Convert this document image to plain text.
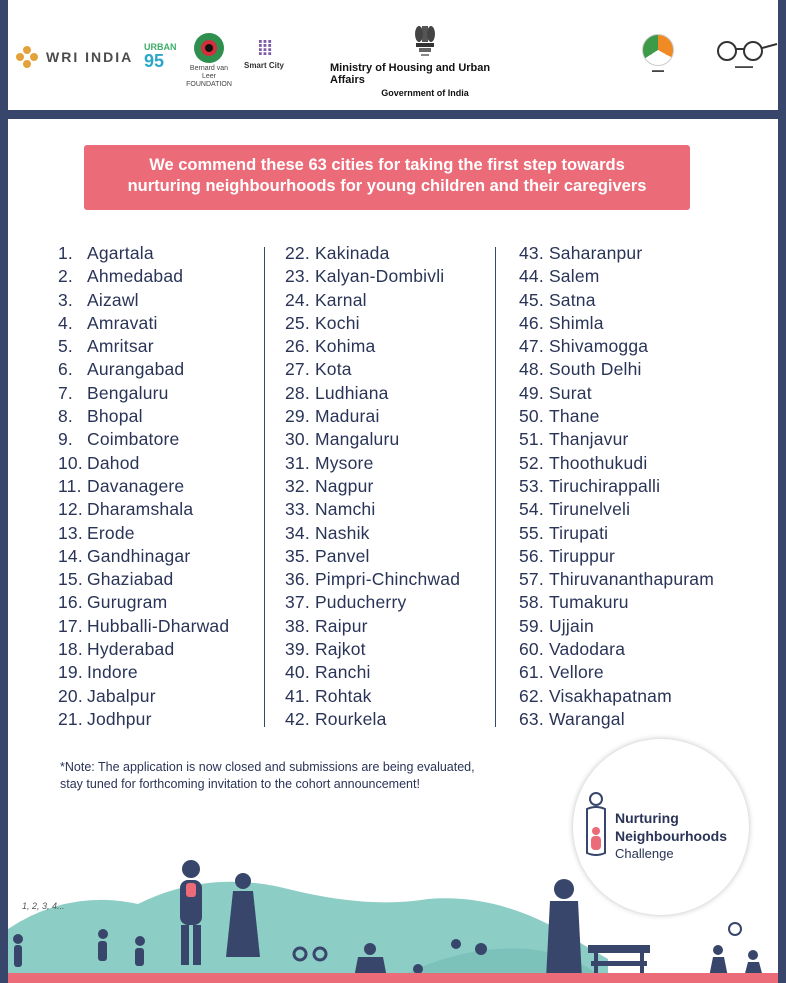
WRI INDIA
URBAN
95	Bernard van Leer FOUNDATION
⁞⁞⁞
Smart City	Ministry of Housing and Urban Affairs
Government of India
▬▬
▬▬▬
We commend these 63 cities for taking the first step towards
nurturing neighbourhoods for young children and their caregivers
1. Agartala
2. Ahmedabad
3. Aizawl
4. Amravati
5. Amritsar
6. Aurangabad
7. Bengaluru
8. Bhopal
9. Coimbatore
10. Dahod
11. Davanagere
12. Dharamshala
13. Erode
14. Gandhinagar
15. Ghaziabad
16. Gurugram
17. Hubballi-Dharwad
18. Hyderabad
19. Indore
20. Jabalpur
21. Jodhpur
22. Kakinada
23. Kalyan-Dombivli
24. Karnal
25. Kochi
26. Kohima
27. Kota
28. Ludhiana
29. Madurai
30. Mangaluru
31. Mysore
32. Nagpur
33. Namchi
34. Nashik
35. Panvel
36. Pimpri-Chinchwad
37. Puducherry
38. Raipur
39. Rajkot
40. Ranchi
41. Rohtak
42. Rourkela
43. Saharanpur
44. Salem
45. Satna
46. Shimla
47. Shivamogga
48. South Delhi
49. Surat
50. Thane
51. Thanjavur
52. Thoothukudi
53. Tiruchirappalli
54. Tirunelveli
55. Tirupati
56. Tiruppur
57. Thiruvananthapuram
58. Tumakuru
59. Ujjain
60. Vadodara
61. Vellore
62. Visakhapatnam
63. Warangal
*Note: The application is now closed and submissions are being evaluated,
stay tuned for forthcoming invitation to the cohort announcement!
1, 2, 3, 4...
Nurturing
Neighbourhoods
Challenge
